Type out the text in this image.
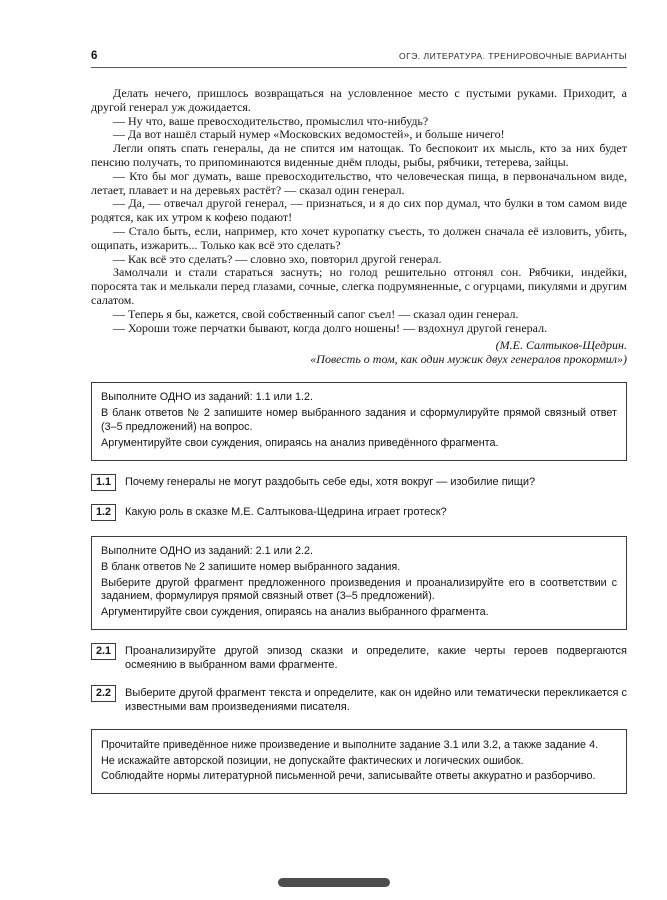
6	ОГЭ. ЛИТЕРАТУРА. ТРЕНИРОВОЧНЫЕ ВАРИАНТЫ

Делать нечего, пришлось возвращаться на условленное место с пустыми руками. Приходит, а другой генерал уж дожидается.

— Ну что, ваше превосходительство, промыслил что-нибудь?

— Да вот нашёл старый нумер «Московских ведомостей», и больше ничего!

Легли опять спать генералы, да не спится им натощак. То беспокоит их мысль, кто за них будет пенсию получать, то припоминаются виденные днём плоды, рыбы, рябчики, тетерева, зайцы.

— Кто бы мог думать, ваше превосходительство, что человеческая пища, в первоначальном виде, летает, плавает и на деревьях растёт? — сказал один генерал.

— Да, — отвечал другой генерал, — признаться, и я до сих пор думал, что булки в том самом виде родятся, как их утром к кофею подают!

— Стало быть, если, например, кто хочет куропатку съесть, то должен сначала её изловить, убить, ощипать, изжарить... Только как всё это сделать?

— Как всё это сделать? — словно эхо, повторил другой генерал.

Замолчали и стали стараться заснуть; но голод решительно отгонял сон. Рябчики, индейки, поросята так и мелькали перед глазами, сочные, слегка подрумяненные, с огурцами, пикулями и другим салатом.

— Теперь я бы, кажется, свой собственный сапог съел! — сказал один генерал.

— Хороши тоже перчатки бывают, когда долго ношены! — вздохнул другой генерал.

(М.Е. Салтыков-Щедрин.

«Повесть о том, как один мужик двух генералов прокормил»)

Выполните ОДНО из заданий: 1.1 или 1.2.

В бланк ответов № 2 запишите номер выбранного задания и сформулируйте прямой связный ответ (3–5 предложений) на вопрос.

Аргументируйте свои суждения, опираясь на анализ приведённого фрагмента.

1.1	Почему генералы не могут раздобыть себе еды, хотя вокруг — изобилие пищи?
1.2	Какую роль в сказке М.Е. Салтыкова-Щедрина играет гротеск?

Выполните ОДНО из заданий: 2.1 или 2.2.

В бланк ответов № 2 запишите номер выбранного задания.

Выберите другой фрагмент предложенного произведения и проанализируйте его в соответствии с заданием, формулируя прямой связный ответ (3–5 предложений).

Аргументируйте свои суждения, опираясь на анализ выбранного фрагмента.

2.1	Проанализируйте другой эпизод сказки и определите, какие черты героев подвергаются осмеянию в выбранном вами фрагменте.
2.2	Выберите другой фрагмент текста и определите, как он идейно или тематически перекликается с известными вам произведениями писателя.

Прочитайте приведённое ниже произведение и выполните задание 3.1 или 3.2, а также задание 4.

Не искажайте авторской позиции, не допускайте фактических и логических ошибок.

Соблюдайте нормы литературной письменной речи, записывайте ответы аккуратно и разборчиво.
